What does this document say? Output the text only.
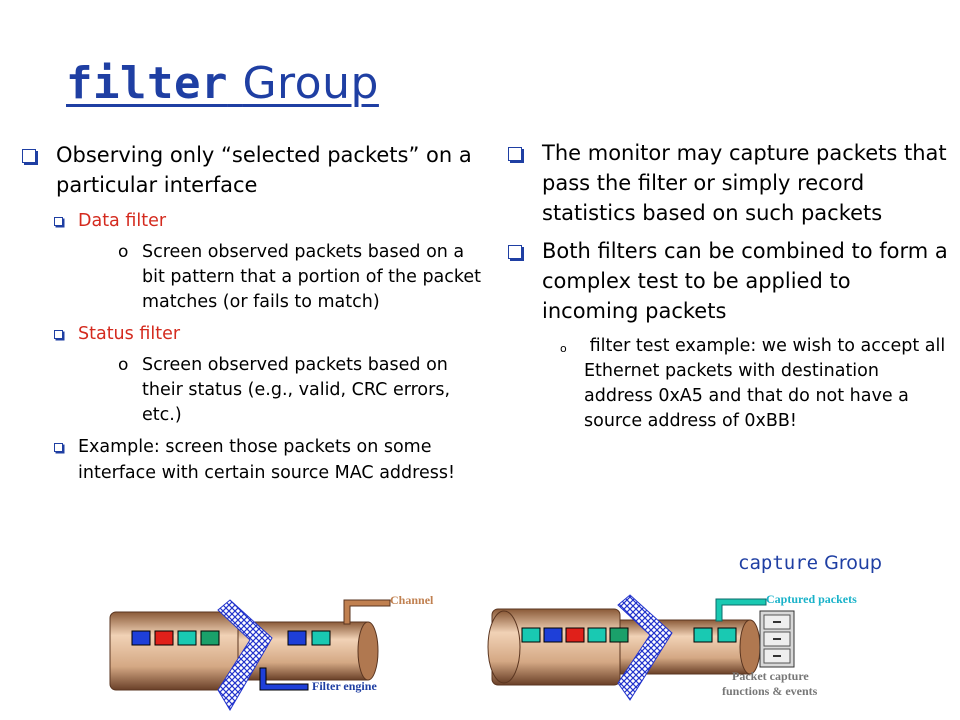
filter Group
Observing only “selected packets” on a particular interface
Data filter
o Screen observed packets based on a bit pattern that a portion of the packet matches (or fails to match)
Status filter
o Screen observed packets based on their status (e.g., valid, CRC errors, etc.)
Example: screen those packets on some interface with certain source MAC address!
The monitor may capture packets that pass the filter or simply record statistics based on such packets
Both filters can be combined to form a complex test to be applied to incoming packets
o filter test example: we wish to accept all Ethernet packets with destination address 0xA5 and that do not have a source address of 0xBB!
capture Group
Channel
Filter engine
Captured packets
Packet capture
functions & events
